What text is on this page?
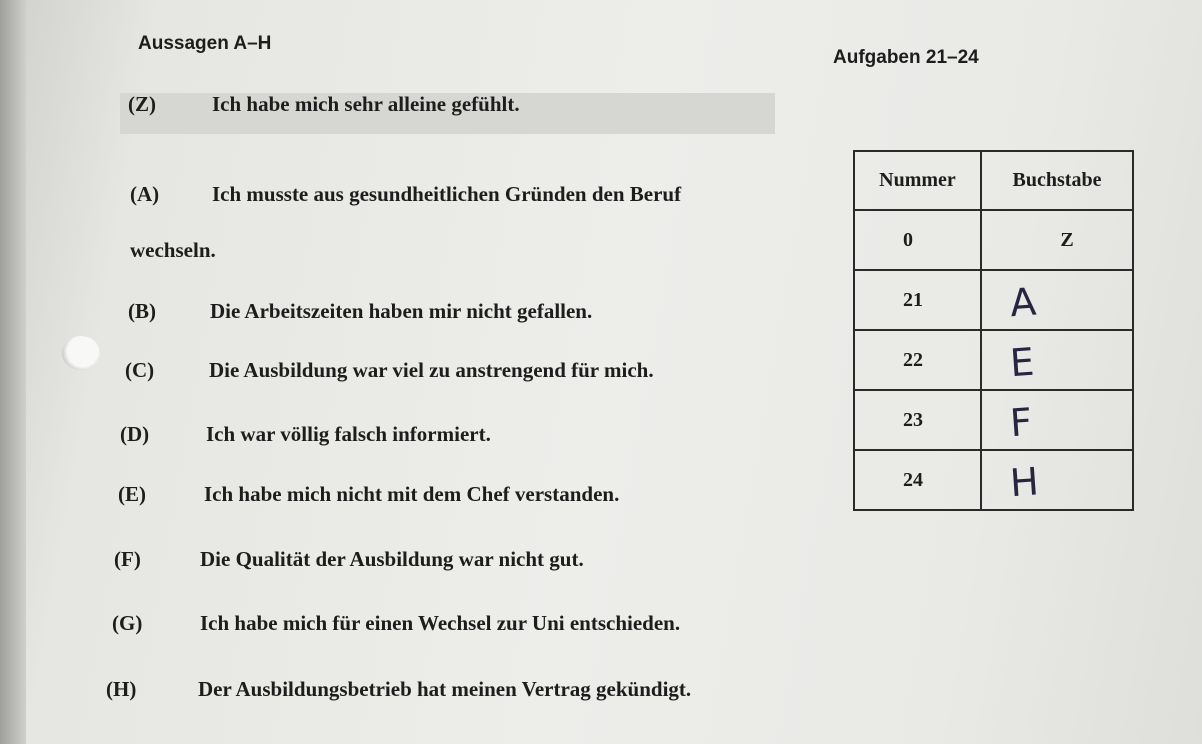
Aussagen A–H
Aufgaben 21–24
(Z)	Ich habe mich sehr alleine gefühlt.
(A)	Ich musste aus gesundheitlichen Gründen den Beruf
wechseln.
(B)	Die Arbeitszeiten haben mir nicht gefallen.
(C)	Die Ausbildung war viel zu anstrengend für mich.
(D)	Ich war völlig falsch informiert.
(E)	Ich habe mich nicht mit dem Chef verstanden.
(F)	Die Qualität der Ausbildung war nicht gut.
(G)	Ich habe mich für einen Wechsel zur Uni entschieden.
(H)	Der Ausbildungsbetrieb hat meinen Vertrag gekündigt.
Nummer	Buchstabe

0	Z

21	A

22	E

23	F

24	H
